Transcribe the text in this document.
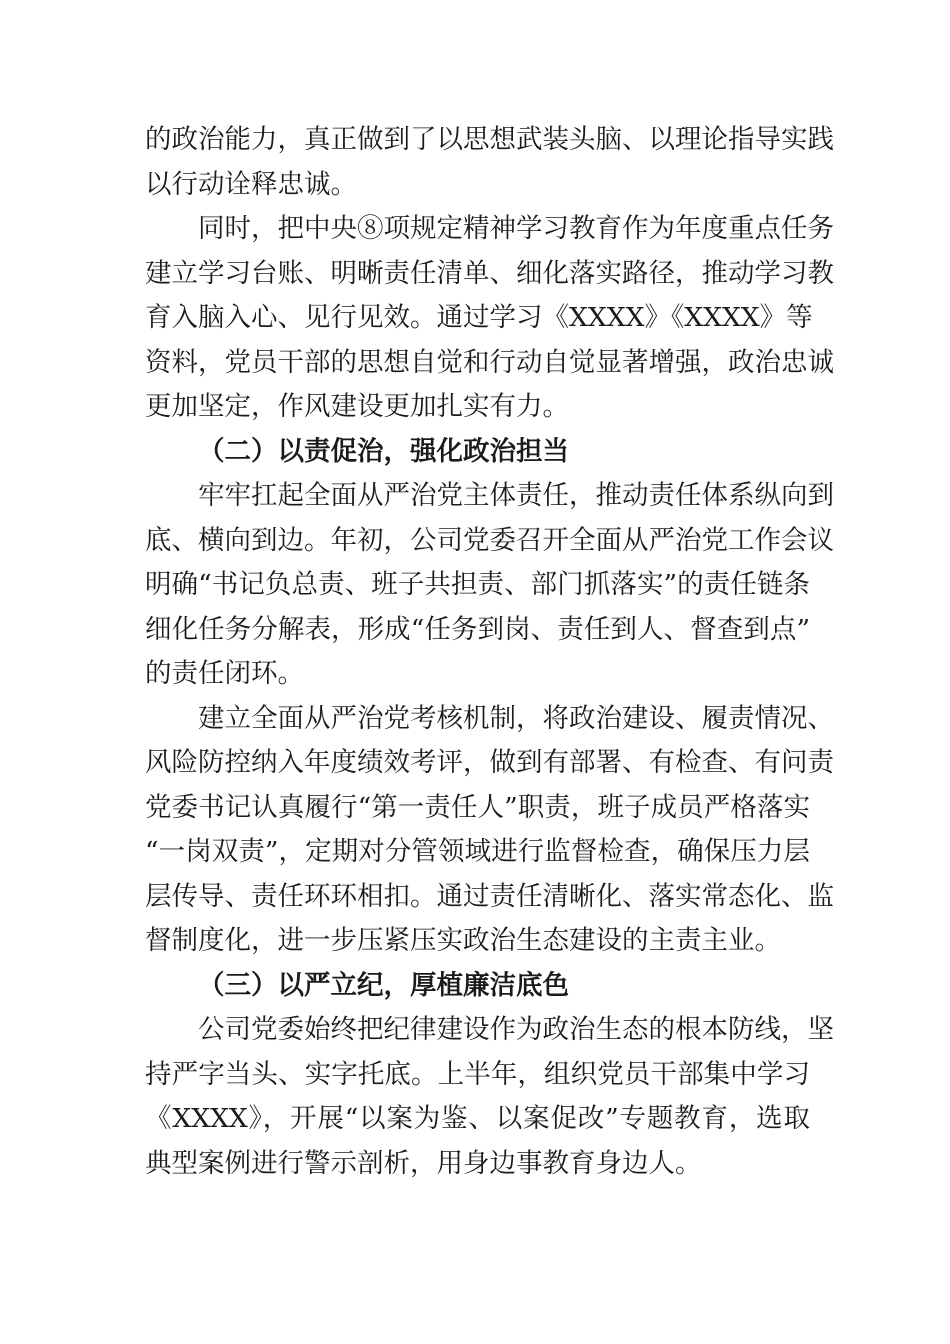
的政治能力，真正做到了以思想武装头脑、以理论指导实践
以行动诠释忠诚。
同时，把中央⑧项规定精神学习教育作为年度重点任务
建立学习台账、明晰责任清单、细化落实路径，推动学习教
育入脑入心、见行见效。通过学习《XXXX》《XXXX》等
资料，党员干部的思想自觉和行动自觉显著增强，政治忠诚
更加坚定，作风建设更加扎实有力。
（二）以责促治，强化政治担当
牢牢扛起全面从严治党主体责任，推动责任体系纵向到
底、横向到边。年初，公司党委召开全面从严治党工作会议
明确“书记负总责、班子共担责、部门抓落实”的责任链条
细化任务分解表，形成“任务到岗、责任到人、督查到点”
的责任闭环。
建立全面从严治党考核机制，将政治建设、履责情况、
风险防控纳入年度绩效考评，做到有部署、有检查、有问责
党委书记认真履行“第一责任人”职责，班子成员严格落实
“一岗双责”，定期对分管领域进行监督检查，确保压力层
层传导、责任环环相扣。通过责任清晰化、落实常态化、监
督制度化，进一步压紧压实政治生态建设的主责主业。
（三）以严立纪，厚植廉洁底色
公司党委始终把纪律建设作为政治生态的根本防线，坚
持严字当头、实字托底。上半年，组织党员干部集中学习
《XXXX》，开展“以案为鉴、以案促改”专题教育，选取
典型案例进行警示剖析，用身边事教育身边人。
